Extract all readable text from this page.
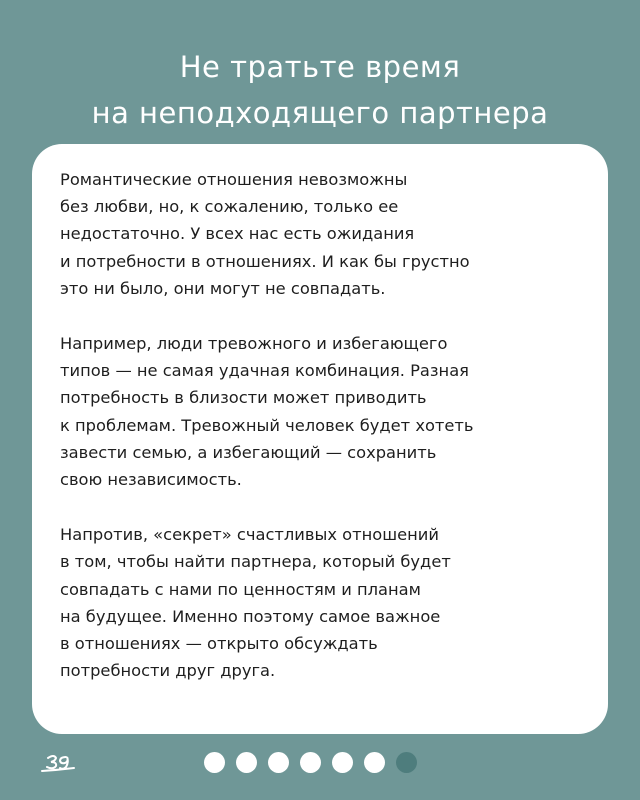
Не тратьте время
на неподходящего партнера
Романтические отношения невозможны
без любви, но, к сожалению, только ее
недостаточно. У всех нас есть ожидания
и потребности в отношениях. И как бы грустно
это ни было, они могут не совпадать.
Например, люди тревожного и избегающего
типов — не самая удачная комбинация. Разная
потребность в близости может приводить
к проблемам. Тревожный человек будет хотеть
завести семью, а избегающий — сохранить
свою независимость.
Напротив, «секрет» счастливых отношений
в том, чтобы найти партнера, который будет
совпадать с нами по ценностям и планам
на будущее. Именно поэтому самое важное
в отношениях — открыто обсуждать
потребности друг друга.
